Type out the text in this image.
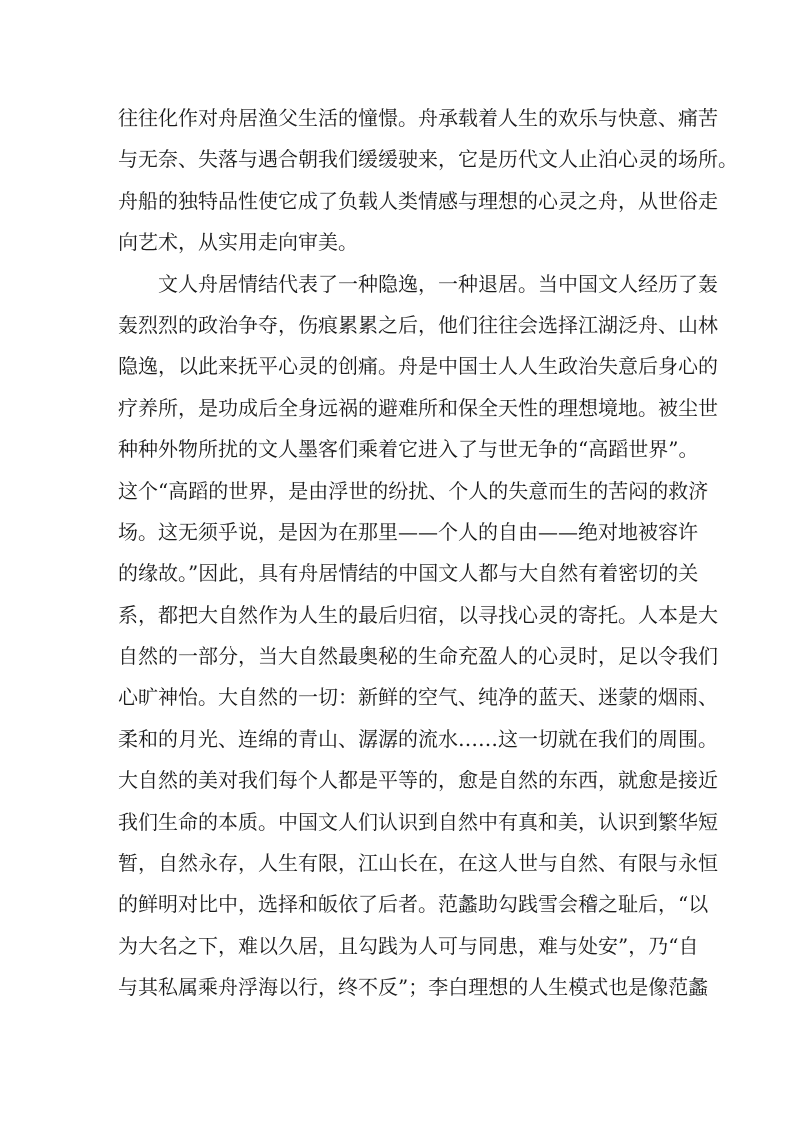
往往化作对舟居渔父生活的憧憬。舟承载着人生的欢乐与快意、痛苦
与无奈、失落与遇合朝我们缓缓驶来，它是历代文人止泊心灵的场所。
舟船的独特品性使它成了负载人类情感与理想的心灵之舟，从世俗走
向艺术，从实用走向审美。
文人舟居情结代表了一种隐逸，一种退居。当中国文人经历了轰
轰烈烈的政治争夺，伤痕累累之后，他们往往会选择江湖泛舟、山林
隐逸，以此来抚平心灵的创痛。舟是中国士人人生政治失意后身心的
疗养所，是功成后全身远祸的避难所和保全天性的理想境地。被尘世
种种外物所扰的文人墨客们乘着它进入了与世无争的“高蹈世界”。
这个“高蹈的世界，是由浮世的纷扰、个人的失意而生的苦闷的救济
场。这无须乎说，是因为在那里——个人的自由——绝对地被容许
的缘故。”因此，具有舟居情结的中国文人都与大自然有着密切的关
系，都把大自然作为人生的最后归宿，以寻找心灵的寄托。人本是大
自然的一部分，当大自然最奥秘的生命充盈人的心灵时，足以令我们
心旷神怡。大自然的一切：新鲜的空气、纯净的蓝天、迷蒙的烟雨、
柔和的月光、连绵的青山、潺潺的流水……这一切就在我们的周围。
大自然的美对我们每个人都是平等的，愈是自然的东西，就愈是接近
我们生命的本质。中国文人们认识到自然中有真和美，认识到繁华短
暂，自然永存，人生有限，江山长在，在这人世与自然、有限与永恒
的鲜明对比中，选择和皈依了后者。范蠡助勾践雪会稽之耻后，“以
为大名之下，难以久居，且勾践为人可与同患，难与处安”，乃“自
与其私属乘舟浮海以行，终不反”；李白理想的人生模式也是像范蠡
